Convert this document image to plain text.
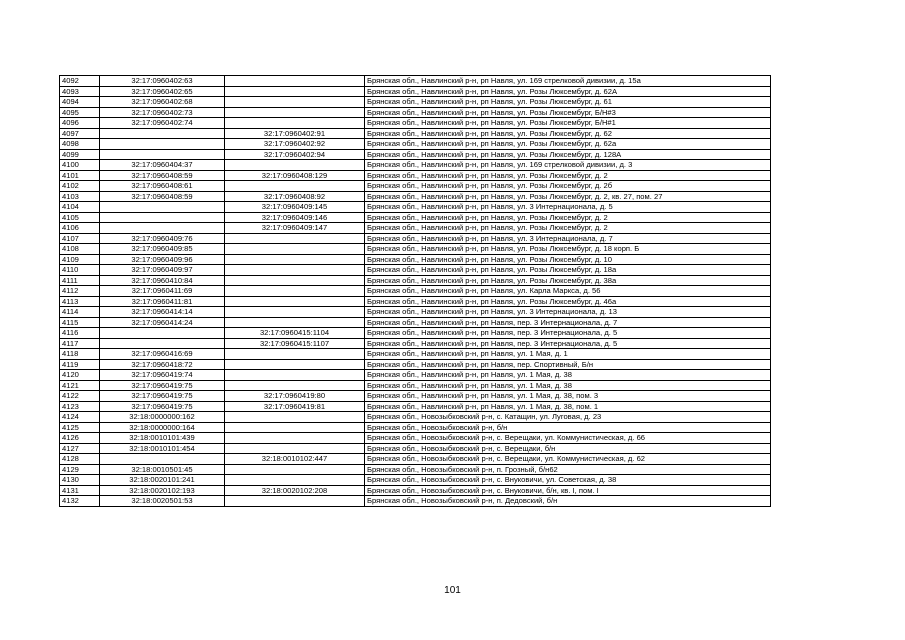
4092	32:17:0960402:63		Брянская обл., Навлинский р-н, рп Навля, ул. 169 стрелковой дивизии, д. 15а
4093	32:17:0960402:65		Брянская обл., Навлинский р-н, рп Навля, ул. Розы Люксембург, д. 62А
4094	32:17:0960402:68		Брянская обл., Навлинский р-н, рп Навля, ул. Розы Люксембург, д. 61
4095	32:17:0960402:73		Брянская обл., Навлинский р-н, рп Навля, ул. Розы Люксембург, Б/Н#3
4096	32:17:0960402:74		Брянская обл., Навлинский р-н, рп Навля, ул. Розы Люксембург, Б/Н#1
4097		32:17:0960402:91	Брянская обл., Навлинский р-н, рп Навля, ул. Розы Люксембург, д. 62
4098		32:17:0960402:92	Брянская обл., Навлинский р-н, рп Навля, ул. Розы Люксембург, д. 62а
4099		32:17:0960402:94	Брянская обл., Навлинский р-н, рп Навля, ул. Розы Люксембург, д. 128А
4100	32:17:0960404:37		Брянская обл., Навлинский р-н, рп Навля, ул. 169 стрелковой дивизии, д. 3
4101	32:17:0960408:59	32:17:0960408:129	Брянская обл., Навлинский р-н, рп Навля, ул. Розы Люксембург, д. 2
4102	32:17:0960408:61		Брянская обл., Навлинский р-н, рп Навля, ул. Розы Люксембург, д. 2б
4103	32:17:0960408:59	32:17:0960408:92	Брянская обл., Навлинский р-н, рп Навля, ул. Розы Люксембург, д. 2, кв. 27, пом. 27
4104		32:17:0960409:145	Брянская обл., Навлинский р-н, рп Навля, ул. 3 Интернационала, д. 5
4105		32:17:0960409:146	Брянская обл., Навлинский р-н, рп Навля, ул. Розы Люксембург, д. 2
4106		32:17:0960409:147	Брянская обл., Навлинский р-н, рп Навля, ул. Розы Люксембург, д. 2
4107	32:17:0960409:76		Брянская обл., Навлинский р-н, рп Навля, ул. 3 Интернационала, д. 7
4108	32:17:0960409:85		Брянская обл., Навлинский р-н, рп Навля, ул. Розы Люксембург, д. 18 корп. Б
4109	32:17:0960409:96		Брянская обл., Навлинский р-н, рп Навля, ул. Розы Люксембург, д. 10
4110	32:17:0960409:97		Брянская обл., Навлинский р-н, рп Навля, ул. Розы Люксембург, д. 18а
4111	32:17:0960410:84		Брянская обл., Навлинский р-н, рп Навля, ул. Розы Люксембург, д. 38а
4112	32:17:0960411:69		Брянская обл., Навлинский р-н, рп Навля, ул. Карла Маркса, д. 56
4113	32:17:0960411:81		Брянская обл., Навлинский р-н, рп Навля, ул. Розы Люксембург, д. 46а
4114	32:17:0960414:14		Брянская обл., Навлинский р-н, рп Навля, ул. 3 Интернационала, д. 13
4115	32:17:0960414:24		Брянская обл., Навлинский р-н, рп Навля, пер. 3 Интернационала, д. 7
4116		32:17:0960415:1104	Брянская обл., Навлинский р-н, рп Навля, пер. 3 Интернационала, д. 5
4117		32:17:0960415:1107	Брянская обл., Навлинский р-н, рп Навля, пер. 3 Интернационала, д. 5
4118	32:17:0960416:69		Брянская обл., Навлинский р-н, рп Навля, ул. 1 Мая, д. 1
4119	32:17:0960418:72		Брянская обл., Навлинский р-н, рп Навля, пер. Спортивный, Б/н
4120	32:17:0960419:74		Брянская обл., Навлинский р-н, рп Навля, ул. 1 Мая, д. 38
4121	32:17:0960419:75		Брянская обл., Навлинский р-н, рп Навля, ул. 1 Мая, д. 38
4122	32:17:0960419:75	32:17:0960419:80	Брянская обл., Навлинский р-н, рп Навля, ул. 1 Мая, д. 38, пом. 3
4123	32:17:0960419:75	32:17:0960419:81	Брянская обл., Навлинский р-н, рп Навля, ул. 1 Мая, д. 38, пом. 1
4124	32:18:0000000:162		Брянская обл., Новозыбковский р-н, с. Катащин, ул. Луговая, д. 23
4125	32:18:0000000:164		Брянская обл., Новозыбковский р-н, б/н
4126	32:18:0010101:439		Брянская обл., Новозыбковский р-н, с. Верещаки, ул. Коммунистическая, д. 66
4127	32:18:0010101:454		Брянская обл., Новозыбковский р-н, с. Верещаки, б/н
4128		32:18:0010102:447	Брянская обл., Новозыбковский р-н, с. Верещаки, ул. Коммунистическая, д. 62
4129	32:18:0010501:45		Брянская обл., Новозыбковский р-н, п. Грозный, б/н62
4130	32:18:0020101:241		Брянская обл., Новозыбковский р-н, с. Внуковичи, ул. Советская, д. 38
4131	32:18:0020102:193	32:18:0020102:208	Брянская обл., Новозыбковский р-н, с. Внуковичи, б/н, кв. I, пом. I
4132	32:18:0020501:53		Брянская обл., Новозыбковский р-н, п. Дедовский, б/н
101
